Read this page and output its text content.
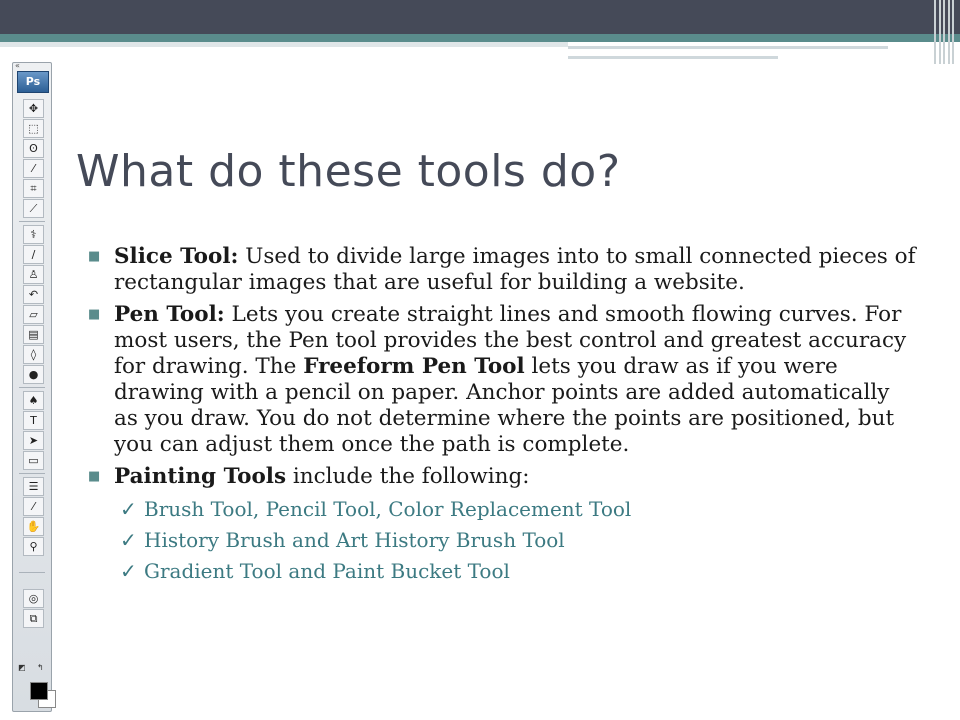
«
Ps
◩ ↰
✥
⬚
ʘ
⁄
⌗
⟋
⚕
∕
♙
↶
▱
▤
◊
●
♠
T
➤
▭
☰
⁄
✋
⚲
◎
⧉
What do these tools do?
■ Slice Tool: Used to divide large images into to small connected pieces of rectangular images that are useful for building a website.
■ Pen Tool: Lets you create straight lines and smooth flowing curves. For most users, the Pen tool provides the best control and greatest accuracy for drawing. The Freeform Pen Tool lets you draw as if you were drawing with a pencil on paper. Anchor points are added automatically as you draw. You do not determine where the points are positioned, but you can adjust them once the path is complete.
■ Painting Tools include the following:
✓ Brush Tool, Pencil Tool, Color Replacement Tool
✓ History Brush and Art History Brush Tool
✓ Gradient Tool and Paint Bucket Tool
